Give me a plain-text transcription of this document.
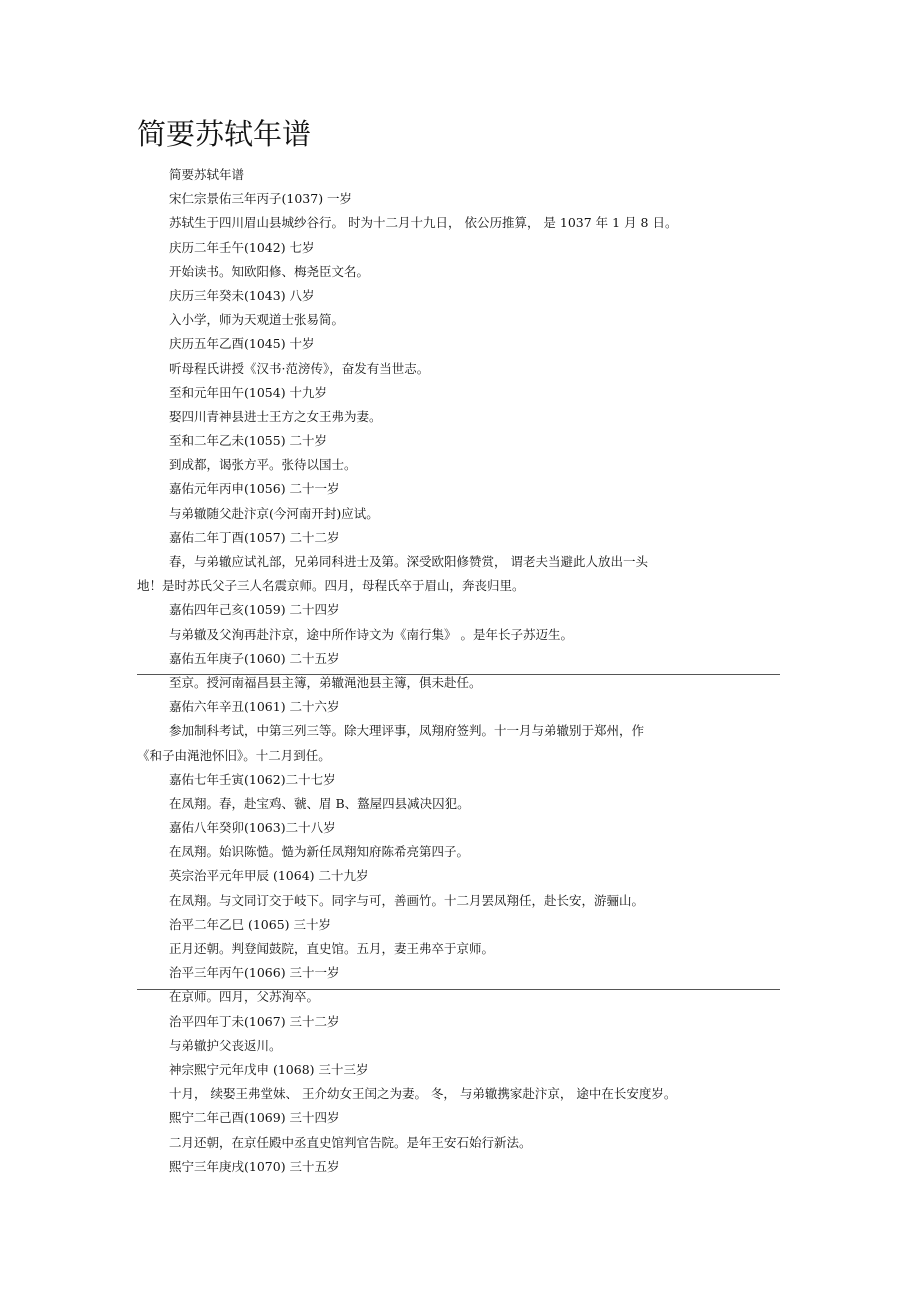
简要苏轼年谱
简要苏轼年谱
宋仁宗景佑三年丙子(1037) 一岁
苏轼生于四川眉山县城纱谷行。 时为十二月十九日， 依公历推算， 是 1037 年 1 月 8 日。
庆历二年壬午(1042) 七岁
开始读书。知欧阳修、梅尧臣文名。
庆历三年癸未(1043) 八岁
入小学，师为天观道士张易简。
庆历五年乙酉(1045) 十岁
听母程氏讲授《汉书·范滂传》，奋发有当世志。
至和元年田午(1054) 十九岁
娶四川青神县进士王方之女王弗为妻。
至和二年乙未(1055) 二十岁
到成都，谒张方平。张待以国士。
嘉佑元年丙申(1056) 二十一岁
与弟辙随父赴汴京(今河南开封)应试。
嘉佑二年丁酉(1057) 二十二岁
春，与弟辙应试礼部，兄弟同科进士及第。深受欧阳修赞赏， 谓老夫当避此人放出一头
地！是时苏氏父子三人名震京师。四月，母程氏卒于眉山，奔丧归里。
嘉佑四年己亥(1059) 二十四岁
与弟辙及父洵再赴汴京，途中所作诗文为《南行集》 。是年长子苏迈生。
嘉佑五年庚子(1060) 二十五岁
至京。授河南福昌县主簿，弟辙渑池县主簿，俱未赴任。
嘉佑六年辛丑(1061) 二十六岁
参加制科考试，中第三列三等。除大理评事，凤翔府签判。十一月与弟辙别于郑州，作
《和子由渑池怀旧》。十二月到任。
嘉佑七年壬寅(1062)二十七岁
在凤翔。春，赴宝鸡、虢、眉 B、盩屋四县减决囚犯。
嘉佑八年癸卯(1063)二十八岁
在凤翔。始识陈慥。慥为新任凤翔知府陈希亮第四子。
英宗治平元年甲辰 (1064) 二十九岁
在凤翔。与文同订交于岐下。同字与可，善画竹。十二月罢凤翔任，赴长安，游骊山。
治平二年乙巳 (1065) 三十岁
正月还朝。判登闻鼓院，直史馆。五月，妻王弗卒于京师。
治平三年丙午(1066) 三十一岁
在京师。四月，父苏洵卒。
治平四年丁未(1067) 三十二岁
与弟辙护父丧返川。
神宗熙宁元年戊申 (1068) 三十三岁
十月， 续娶王弗堂妹、 王介幼女王闰之为妻。 冬， 与弟辙携家赴汴京， 途中在长安度岁。
熙宁二年己酉(1069) 三十四岁
二月还朝，在京任殿中丞直史馆判官告院。是年王安石始行新法。
熙宁三年庚戌(1070) 三十五岁
